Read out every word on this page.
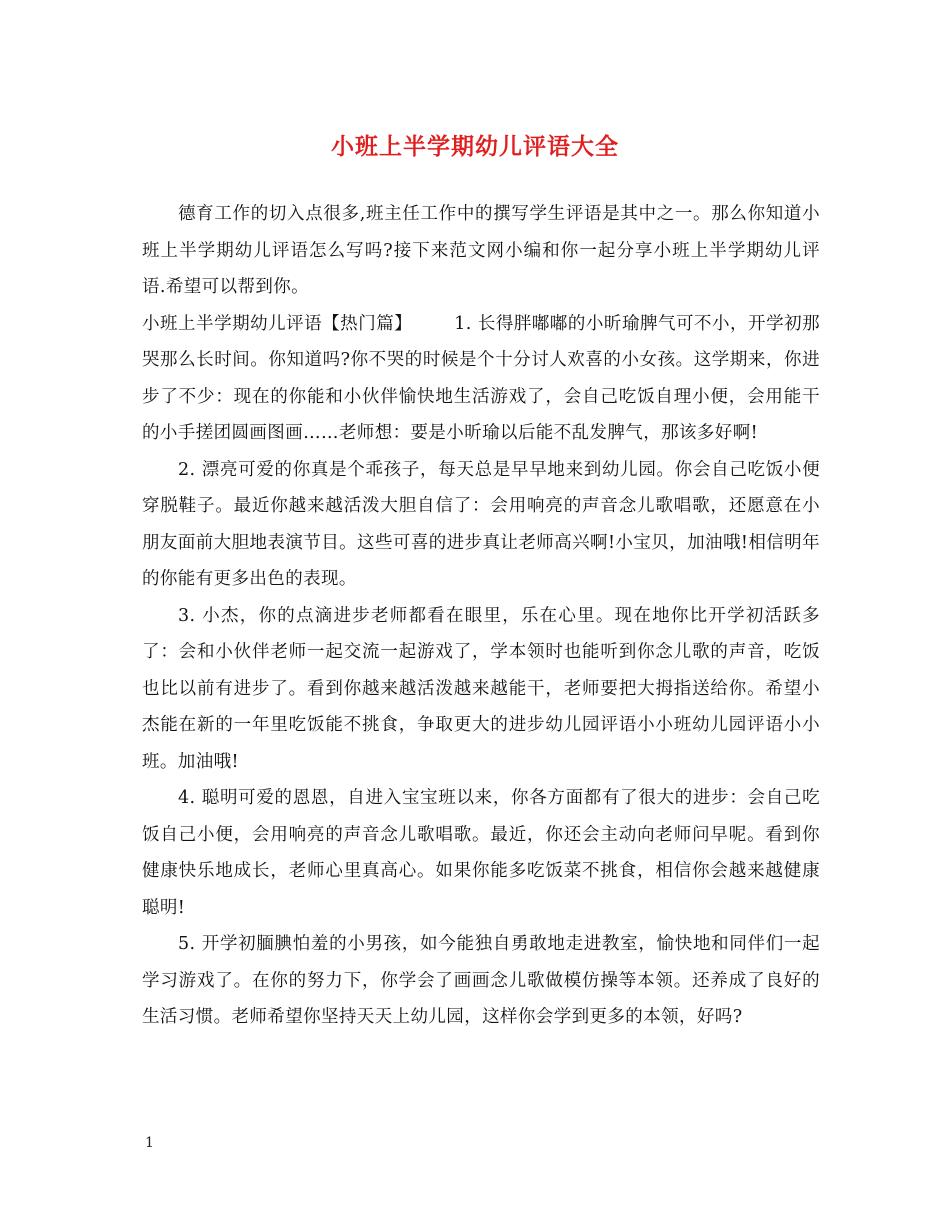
小班上半学期幼儿评语大全

德育工作的切入点很多,班主任工作中的撰写学生评语是其中之一。那么你知道小班上半学期幼儿评语怎么写吗?接下来范文网小编和你一起分享小班上半学期幼儿评语.希望可以帮到你。

小班上半学期幼儿评语【热门篇】 1. 长得胖嘟嘟的小昕瑜脾气可不小，开学初那哭那么长时间。你知道吗?你不哭的时候是个十分讨人欢喜的小女孩。这学期来，你进步了不少：现在的你能和小伙伴愉快地生活游戏了，会自己吃饭自理小便，会用能干的小手搓团圆画图画……老师想：要是小昕瑜以后能不乱发脾气，那该多好啊!

2. 漂亮可爱的你真是个乖孩子，每天总是早早地来到幼儿园。你会自己吃饭小便穿脱鞋子。最近你越来越活泼大胆自信了：会用响亮的声音念儿歌唱歌，还愿意在小朋友面前大胆地表演节目。这些可喜的进步真让老师高兴啊!小宝贝，加油哦!相信明年的你能有更多出色的表现。

3. 小杰，你的点滴进步老师都看在眼里，乐在心里。现在地你比开学初活跃多了：会和小伙伴老师一起交流一起游戏了，学本领时也能听到你念儿歌的声音，吃饭也比以前有进步了。看到你越来越活泼越来越能干，老师要把大拇指送给你。希望小杰能在新的一年里吃饭能不挑食，争取更大的进步幼儿园评语小小班幼儿园评语小小班。加油哦!

4. 聪明可爱的恩恩，自进入宝宝班以来，你各方面都有了很大的进步：会自己吃饭自己小便，会用响亮的声音念儿歌唱歌。最近，你还会主动向老师问早呢。看到你健康快乐地成长，老师心里真高心。如果你能多吃饭菜不挑食，相信你会越来越健康聪明!

5. 开学初腼腆怕羞的小男孩，如今能独自勇敢地走进教室，愉快地和同伴们一起学习游戏了。在你的努力下，你学会了画画念儿歌做模仿操等本领。还养成了良好的生活习惯。老师希望你坚持天天上幼儿园，这样你会学到更多的本领，好吗?

1
